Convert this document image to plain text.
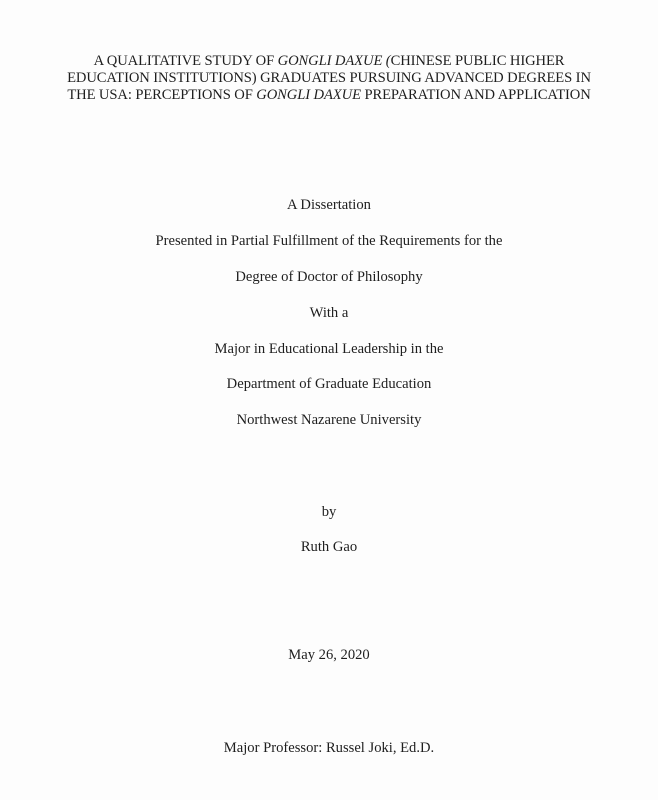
A QUALITATIVE STUDY OF GONGLI DAXUE (CHINESE PUBLIC HIGHER
EDUCATION INSTITUTIONS) GRADUATES PURSUING ADVANCED DEGREES IN
THE USA: PERCEPTIONS OF GONGLI DAXUE PREPARATION AND APPLICATION
A Dissertation
Presented in Partial Fulfillment of the Requirements for the
Degree of Doctor of Philosophy
With a
Major in Educational Leadership in the
Department of Graduate Education
Northwest Nazarene University
by
Ruth Gao
May 26, 2020
Major Professor: Russel Joki, Ed.D.
